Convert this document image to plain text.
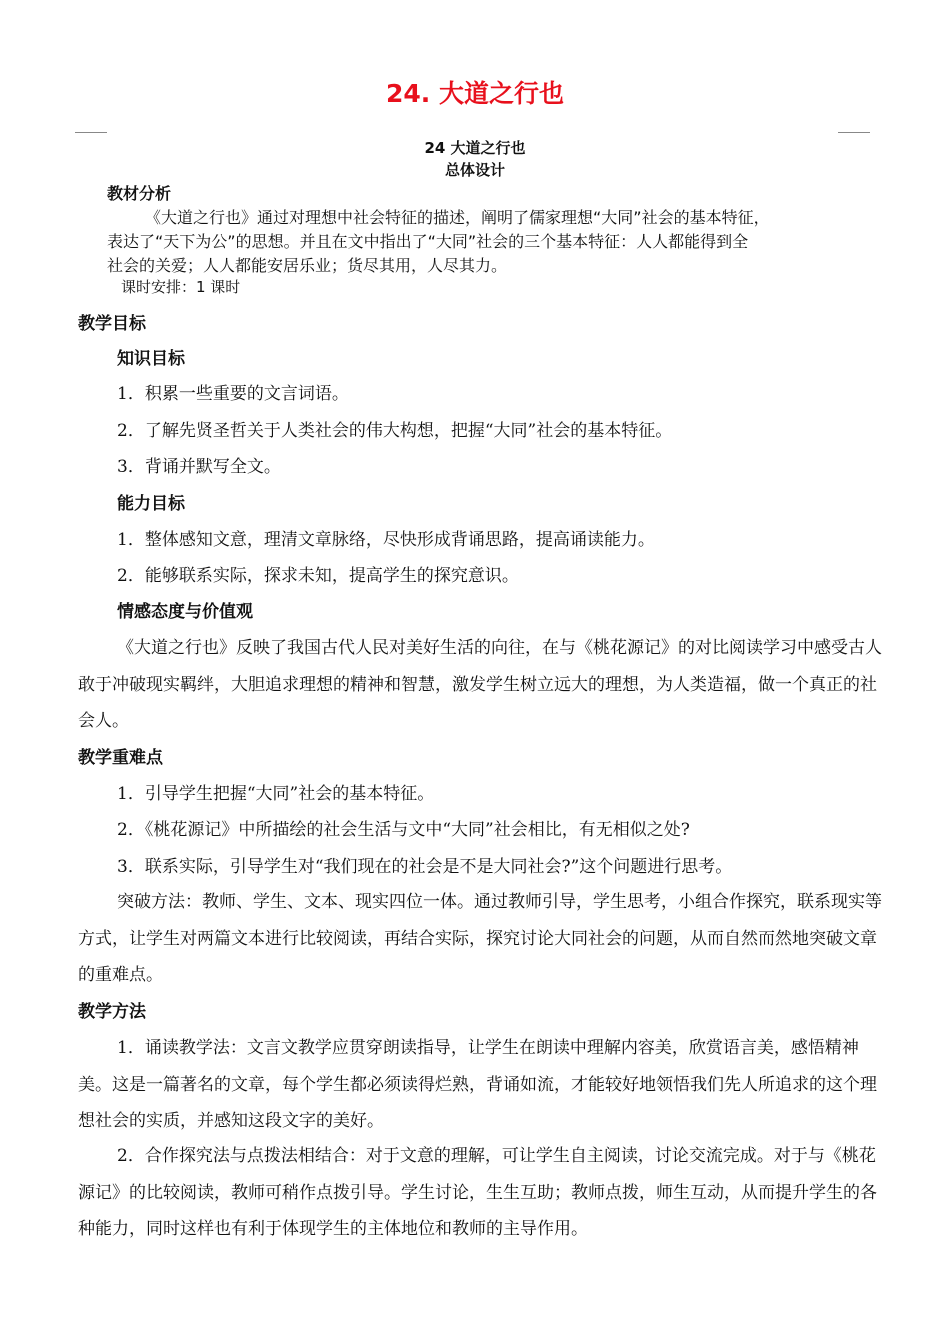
24. 大道之行也
24 大道之行也
总体设计
教材分析
《大道之行也》通过对理想中社会特征的描述，阐明了儒家理想“大同”社会的基本特征，
表达了“天下为公”的思想。并且在文中指出了“大同”社会的三个基本特征：人人都能得到全
社会的关爱；人人都能安居乐业；货尽其用，人尽其力。
课时安排：1 课时
教学目标
知识目标
1．积累一些重要的文言词语。
2．了解先贤圣哲关于人类社会的伟大构想，把握“大同”社会的基本特征。
3．背诵并默写全文。
能力目标
1．整体感知文意，理清文章脉络，尽快形成背诵思路，提高诵读能力。
2．能够联系实际，探求未知，提高学生的探究意识。
情感态度与价值观
《大道之行也》反映了我国古代人民对美好生活的向往，在与《桃花源记》的对比阅读学习中感受古人敢于冲破现实羁绊，大胆追求理想的精神和智慧，激发学生树立远大的理想，为人类造福，做一个真正的社会人。
教学重难点
1．引导学生把握“大同”社会的基本特征。
2．《桃花源记》中所描绘的社会生活与文中“大同”社会相比，有无相似之处?
3．联系实际，引导学生对“我们现在的社会是不是大同社会?”这个问题进行思考。
突破方法：教师、学生、文本、现实四位一体。通过教师引导，学生思考，小组合作探究，联系现实等方式，让学生对两篇文本进行比较阅读，再结合实际，探究讨论大同社会的问题，从而自然而然地突破文章的重难点。
教学方法
1．诵读教学法：文言文教学应贯穿朗读指导，让学生在朗读中理解内容美，欣赏语言美，感悟精神美。这是一篇著名的文章，每个学生都必须读得烂熟，背诵如流，才能较好地领悟我们先人所追求的这个理想社会的实质，并感知这段文字的美好。
2．合作探究法与点拨法相结合：对于文意的理解，可让学生自主阅读，讨论交流完成。对于与《桃花源记》的比较阅读，教师可稍作点拨引导。学生讨论，生生互助；教师点拨，师生互动，从而提升学生的各种能力，同时这样也有利于体现学生的主体地位和教师的主导作用。
